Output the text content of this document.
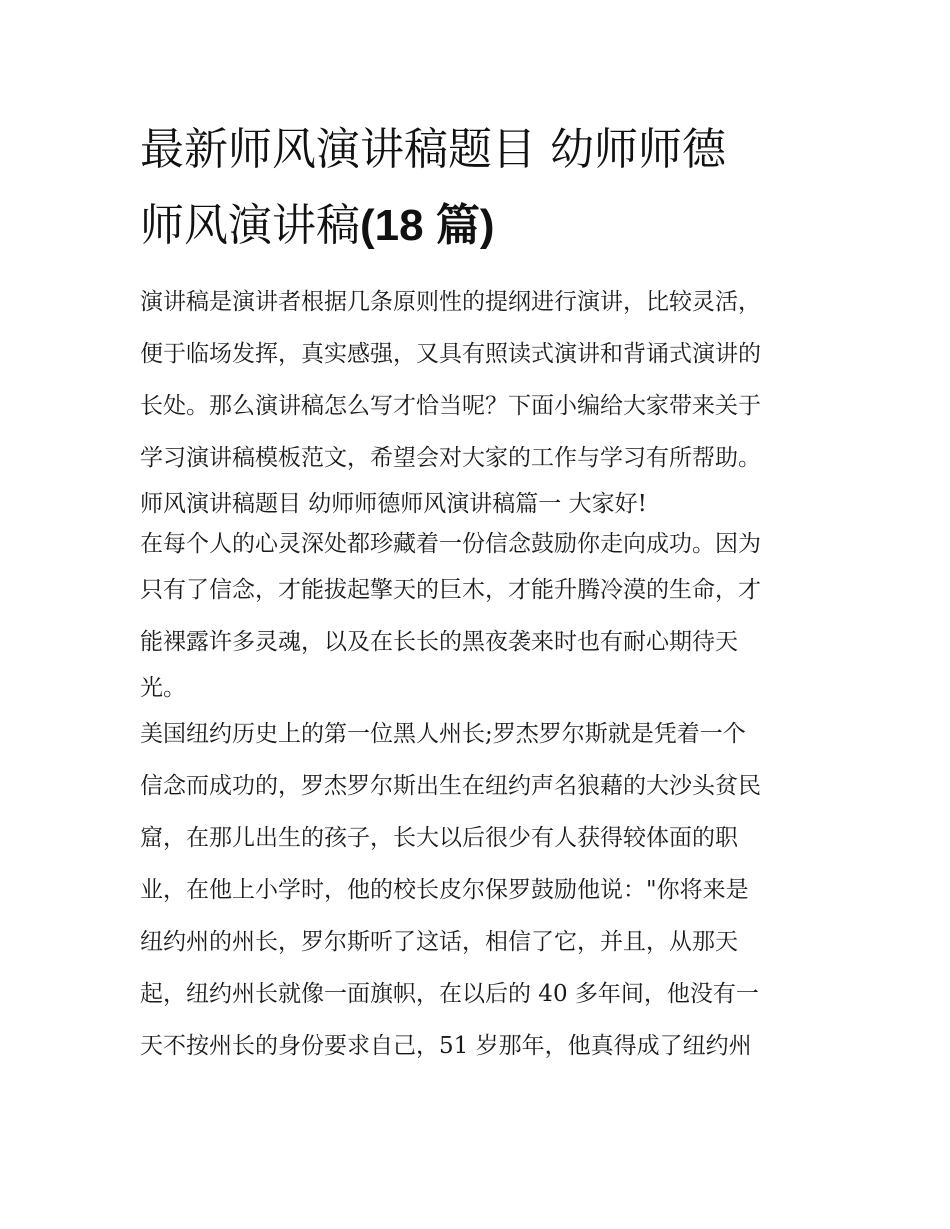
最新师风演讲稿题目 幼师师德
师风演讲稿(18 篇)
演讲稿是演讲者根据几条原则性的提纲进行演讲，比较灵活，
便于临场发挥，真实感强，又具有照读式演讲和背诵式演讲的
长处。那么演讲稿怎么写才恰当呢？下面小编给大家带来关于
学习演讲稿模板范文，希望会对大家的工作与学习有所帮助。
师风演讲稿题目 幼师师德师风演讲稿篇一 大家好!
在每个人的心灵深处都珍藏着一份信念鼓励你走向成功。因为
只有了信念，才能拔起擎天的巨木，才能升腾冷漠的生命，才
能裸露许多灵魂，以及在长长的黑夜袭来时也有耐心期待天
光。
美国纽约历史上的第一位黑人州长;罗杰罗尔斯就是凭着一个
信念而成功的，罗杰罗尔斯出生在纽约声名狼藉的大沙头贫民
窟，在那儿出生的孩子，长大以后很少有人获得较体面的职
业，在他上小学时，他的校长皮尔保罗鼓励他说："你将来是
纽约州的州长，罗尔斯听了这话，相信了它，并且，从那天
起，纽约州长就像一面旗帜，在以后的 40 多年间，他没有一
天不按州长的身份要求自己，51 岁那年，他真得成了纽约州
